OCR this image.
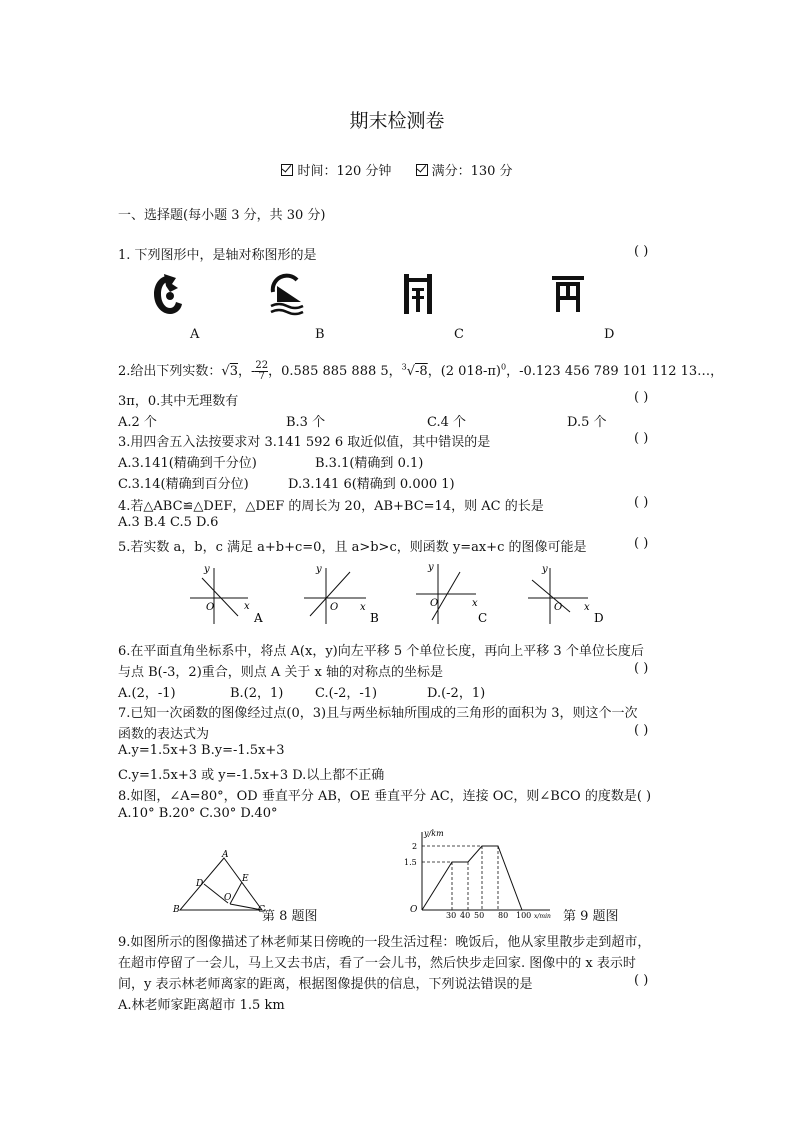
期末检测卷
时间：120 分钟	满分：130 分
一、选择题(每小题 3 分，共 30 分)
1. 下列图形中，是轴对称图形的是	( )
A	B	C	D
2.给出下列实数：√3，- $\frac{22}{7}$ ，0.585 885 888 5，$^3$√-8，(2 018-π)$^0$，-0.123 456 789 101 112 13…，
3π，0.其中无理数有	( )
A.2 个	B.3 个	C.4 个	D.5 个
3.用四舍五入法按要求对 3.141 592 6 取近似值，其中错误的是	( )
A.3.141(精确到千分位)	B.3.1(精确到 0.1)
C.3.14(精确到百分位)	D.3.141 6(精确到 0.000 1)
4.若△ABC≌△DEF，△DEF 的周长为 20，AB+BC=14，则 AC 的长是	( )
A.3 B.4 C.5 D.6
5.若实数 a，b，c 满足 a+b+c=0，且 a>b>c，则函数 y=ax+c 的图像可能是	( )
y
x
O
A
y
x
O
B
y
x
O
C
y
x
O
D
6.在平面直角坐标系中，将点 A(x，y)向左平移 5 个单位长度，再向上平移 3 个单位长度后
与点 B(-3，2)重合，则点 A 关于 x 轴的对称点的坐标是	( )
A.(2，-1)	B.(2，1) C.(-2，-1)	D.(-2，1)
7.已知一次函数的图像经过点(0，3)且与两坐标轴所围成的三角形的面积为 3，则这个一次
函数的表达式为	( )
A.y=1.5x+3 B.y=-1.5x+3
C.y=1.5x+3 或 y=-1.5x+3 D.以上都不正确
8.如图，∠A=80°，OD 垂直平分 AB，OE 垂直平分 AC，连接 OC，则∠BCO 的度数是( )
A.10° B.20° C.30° D.40°
A
B	C
D	E
O
第 8 题图
y/km
2
1.5
O
30 40 50 80 100 x/min 第 9 题图
9.如图所示的图像描述了林老师某日傍晚的一段生活过程：晚饭后，他从家里散步走到超市，
在超市停留了一会儿，马上又去书店，看了一会儿书，然后快步走回家. 图像中的 x 表示时
间，y 表示林老师离家的距离，根据图像提供的信息，下列说法错误的是	( )
A.林老师家距离超市 1.5 km
